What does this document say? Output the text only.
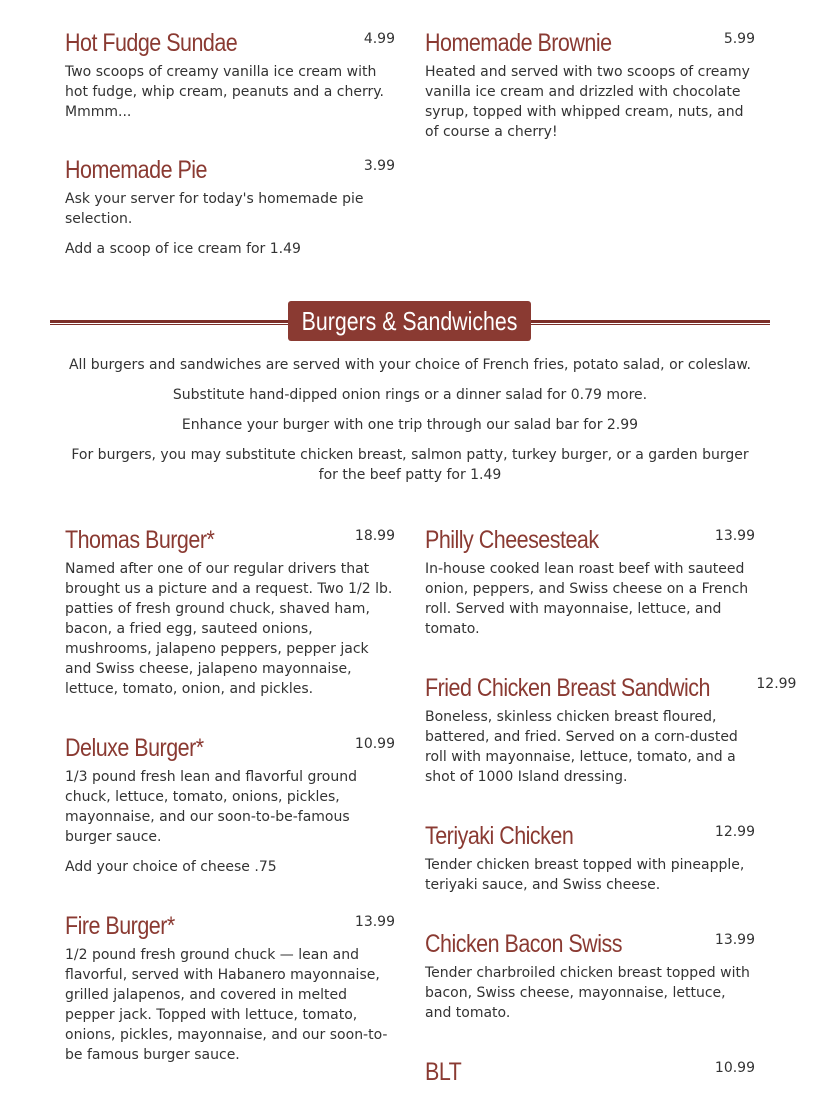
Hot Fudge Sundae	4.99
Two scoops of creamy vanilla ice cream with hot fudge, whip cream, peanuts and a cherry. Mmmm...
Homemade Pie	3.99
Ask your server for today's homemade pie selection.
Add a scoop of ice cream for 1.49
Homemade Brownie	5.99
Heated and served with two scoops of creamy vanilla ice cream and drizzled with chocolate syrup, topped with whipped cream, nuts, and of course a cherry!
Burgers & Sandwiches

All burgers and sandwiches are served with your choice of French fries, potato salad, or coleslaw.

Substitute hand-dipped onion rings or a dinner salad for 0.79 more.

Enhance your burger with one trip through our salad bar for 2.99

For burgers, you may substitute chicken breast, salmon patty, turkey burger, or a garden burger for the beef patty for 1.49

Thomas Burger*	18.99
Named after one of our regular drivers that brought us a picture and a request. Two 1/2 lb. patties of fresh ground chuck, shaved ham, bacon, a fried egg, sauteed onions, mushrooms, jalapeno peppers, pepper jack and Swiss cheese, jalapeno mayonnaise, lettuce, tomato, onion, and pickles.
Deluxe Burger*	10.99
1/3 pound fresh lean and flavorful ground chuck, lettuce, tomato, onions, pickles, mayonnaise, and our soon-to-be-famous burger sauce.
Add your choice of cheese .75
Fire Burger*	13.99
1/2 pound fresh ground chuck — lean and flavorful, served with Habanero mayonnaise, grilled jalapenos, and covered in melted pepper jack. Topped with lettuce, tomato, onions, pickles, mayonnaise, and our soon-to-be famous burger sauce.
Philly Cheesesteak	13.99
In-house cooked lean roast beef with sauteed onion, peppers, and Swiss cheese on a French roll. Served with mayonnaise, lettuce, and tomato.
Fried Chicken Breast Sandwich	12.99
Boneless, skinless chicken breast floured, battered, and fried. Served on a corn-dusted roll with mayonnaise, lettuce, tomato, and a shot of 1000 Island dressing.
Teriyaki Chicken	12.99
Tender chicken breast topped with pineapple, teriyaki sauce, and Swiss cheese.
Chicken Bacon Swiss	13.99
Tender charbroiled chicken breast topped with bacon, Swiss cheese, mayonnaise, lettuce, and tomato.
BLT	10.99
